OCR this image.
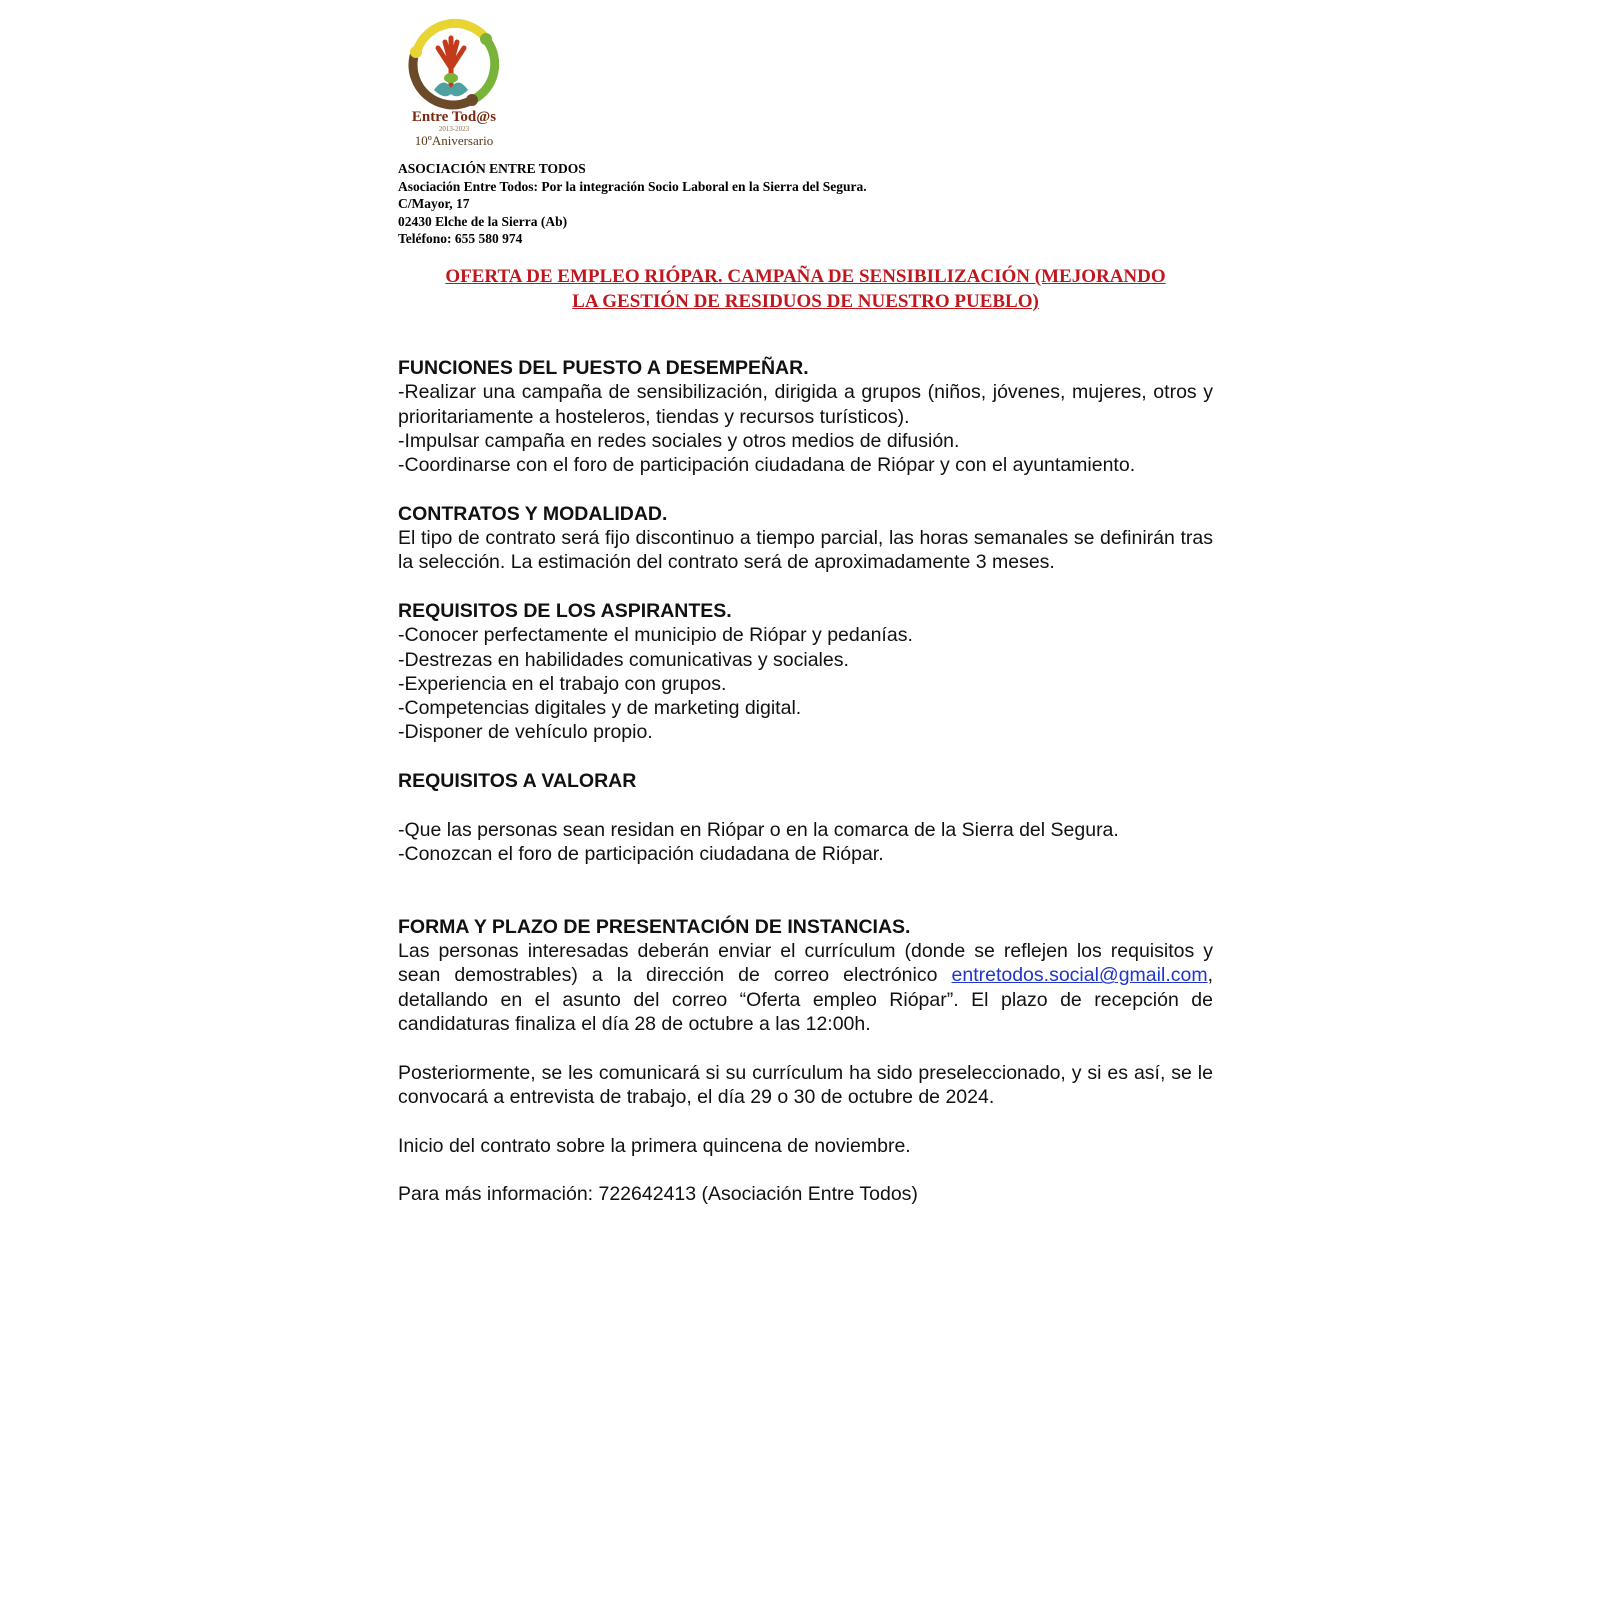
Entre Tod@s
2013-2023
10ºAniversario
ASOCIACIÓN ENTRE TODOS
Asociación Entre Todos: Por la integración Socio Laboral en la Sierra del Segura.
C/Mayor, 17
02430 Elche de la Sierra (Ab)
Teléfono: 655 580 974
OFERTA DE EMPLEO RIÓPAR. CAMPAÑA DE SENSIBILIZACIÓN (MEJORANDO
LA GESTIÓN DE RESIDUOS DE NUESTRO PUEBLO)

FUNCIONES DEL PUESTO A DESEMPEÑAR.

-Realizar una campaña de sensibilización, dirigida a grupos (niños, jóvenes, mujeres, otros y prioritariamente a hosteleros, tiendas y recursos turísticos).

-Impulsar campaña en redes sociales y otros medios de difusión.

-Coordinarse con el foro de participación ciudadana de Riópar y con el ayuntamiento.

CONTRATOS Y MODALIDAD.

El tipo de contrato será fijo discontinuo a tiempo parcial, las horas semanales se definirán tras la selección. La estimación del contrato será de aproximadamente 3 meses.

REQUISITOS DE LOS ASPIRANTES.

-Conocer perfectamente el municipio de Riópar y pedanías.

-Destrezas en habilidades comunicativas y sociales.

-Experiencia en el trabajo con grupos.

-Competencias digitales y de marketing digital.

-Disponer de vehículo propio.

REQUISITOS A VALORAR

-Que las personas sean residan en Riópar o en la comarca de la Sierra del Segura.

-Conozcan el foro de participación ciudadana de Riópar.

FORMA Y PLAZO DE PRESENTACIÓN DE INSTANCIAS.

Las personas interesadas deberán enviar el currículum (donde se reflejen los requisitos y sean demostrables) a la dirección de correo electrónico entretodos.social@gmail.com, detallando en el asunto del correo “Oferta empleo Riópar”. El plazo de recepción de candidaturas finaliza el día 28 de octubre a las 12:00h.

Posteriormente, se les comunicará si su currículum ha sido preseleccionado, y si es así, se le convocará a entrevista de trabajo, el día 29 o 30 de octubre de 2024.

Inicio del contrato sobre la primera quincena de noviembre.

Para más información: 722642413 (Asociación Entre Todos)
